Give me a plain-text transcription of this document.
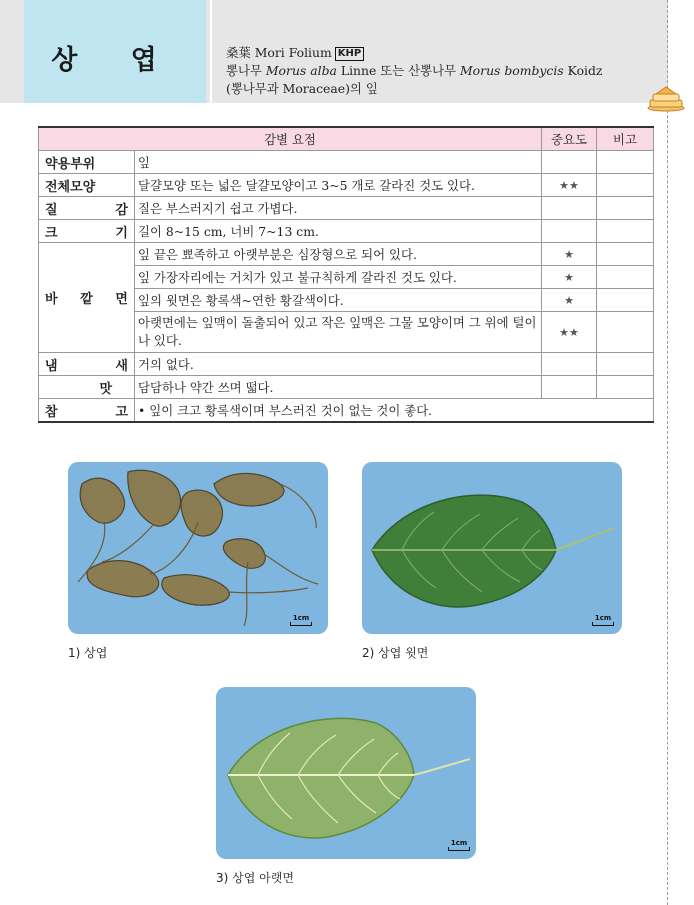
상 엽	桑葉 Mori Folium KHP
뽕나무 Morus alba Linne 또는 산뽕나무 Morus bombycis Koidz
(뽕나무과 Moraceae)의 잎
감별 요점		중요도	비고
약용부위	잎		
전체모양	달걀모양 또는 넓은 달걀모양이고 3~5 개로 갈라진 것도 있다.	★★	
질 감	질은 부스러지기 쉽고 가볍다.		
크 기	길이 8~15 cm, 너비 7~13 cm.		
바 깥 면	잎 끝은 뾰족하고 아랫부분은 심장형으로 되어 있다.	★	
	잎 가장자리에는 거치가 있고 불규칙하게 갈라진 것도 있다.	★	
	잎의 윗면은 황록색~연한 황갈색이다.	★	
	아랫면에는 잎맥이 돌출되어 있고 작은 잎맥은 그물 모양이며 그 위에 털이 나 있다.	★★	
냄 새	거의 없다.		
맛	담담하나 약간 쓰며 떫다.		
참 고	• 잎이 크고 황록색이며 부스러진 것이 없는 것이 좋다.		
1cm
1) 상엽
1cm
2) 상엽 윗면
1cm
3) 상엽 아랫면
